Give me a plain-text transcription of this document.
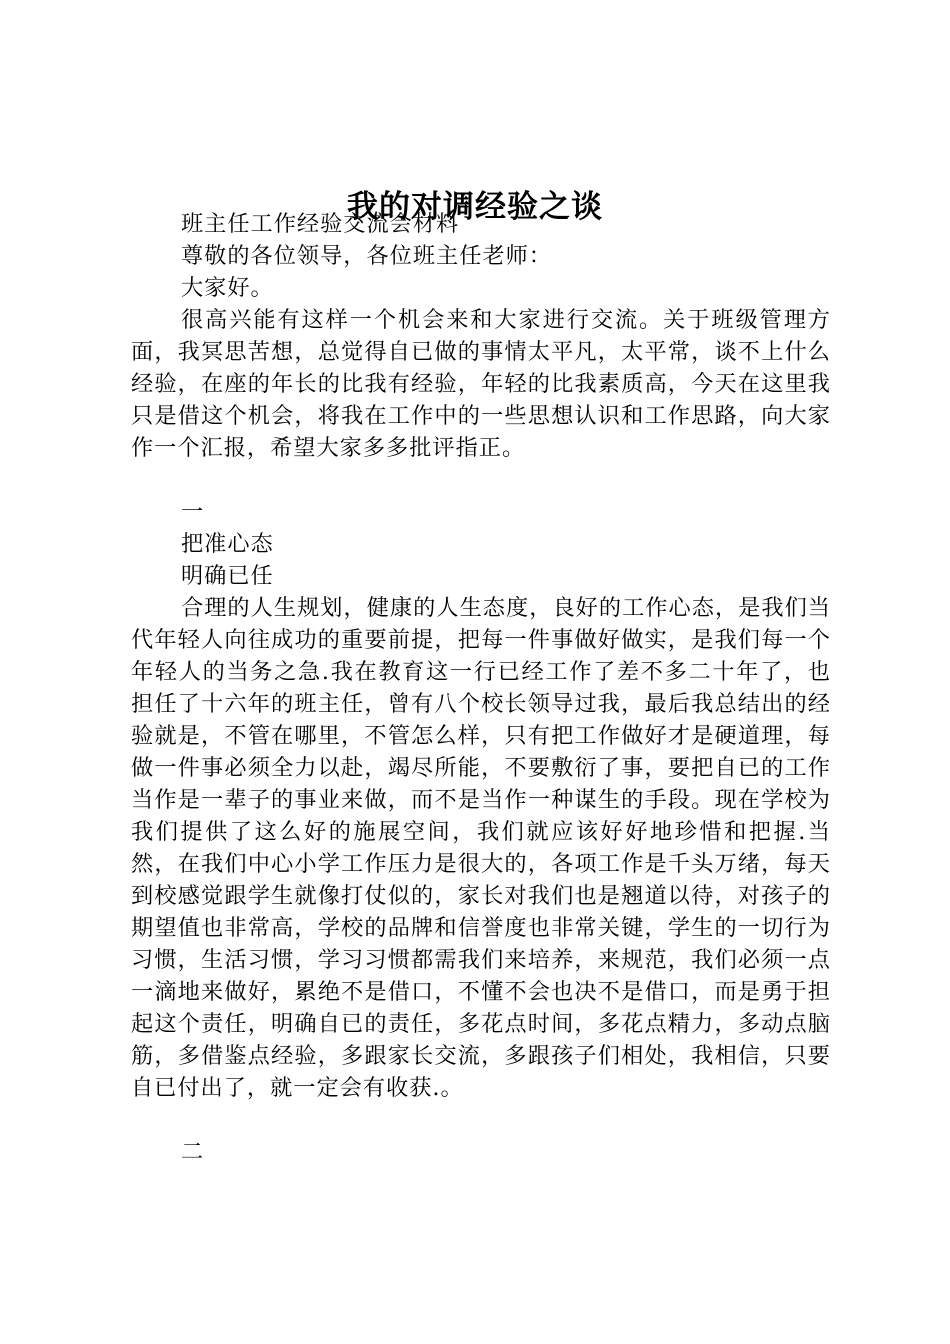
我的对调经验之谈

班主任工作经验交流会材料

尊敬的各位领导，各位班主任老师：

大家好。

很高兴能有这样一个机会来和大家进行交流。关于班级管理方面，我冥思苦想，总觉得自已做的事情太平凡，太平常，谈不上什么经验，在座的年长的比我有经验，年轻的比我素质高，今天在这里我只是借这个机会，将我在工作中的一些思想认识和工作思路，向大家作一个汇报，希望大家多多批评指正。

一

把准心态

明确已任

合理的人生规划，健康的人生态度，良好的工作心态，是我们当代年轻人向往成功的重要前提，把每一件事做好做实，是我们每一个年轻人的当务之急.我在教育这一行已经工作了差不多二十年了，也担任了十六年的班主任，曾有八个校长领导过我，最后我总结出的经验就是，不管在哪里，不管怎么样，只有把工作做好才是硬道理，每做一件事必须全力以赴，竭尽所能，不要敷衍了事，要把自已的工作当作是一辈子的事业来做，而不是当作一种谋生的手段。现在学校为我们提供了这么好的施展空间，我们就应该好好地珍惜和把握.当然，在我们中心小学工作压力是很大的，各项工作是千头万绪，每天到校感觉跟学生就像打仗似的，家长对我们也是翘道以待，对孩子的期望值也非常高，学校的品牌和信誉度也非常关键，学生的一切行为习惯，生活习惯，学习习惯都需我们来培养，来规范，我们必须一点一滴地来做好，累绝不是借口，不懂不会也决不是借口，而是勇于担起这个责任，明确自已的责任，多花点时间，多花点精力，多动点脑筋，多借鉴点经验，多跟家长交流，多跟孩子们相处，我相信，只要自已付出了，就一定会有收获.。

二
